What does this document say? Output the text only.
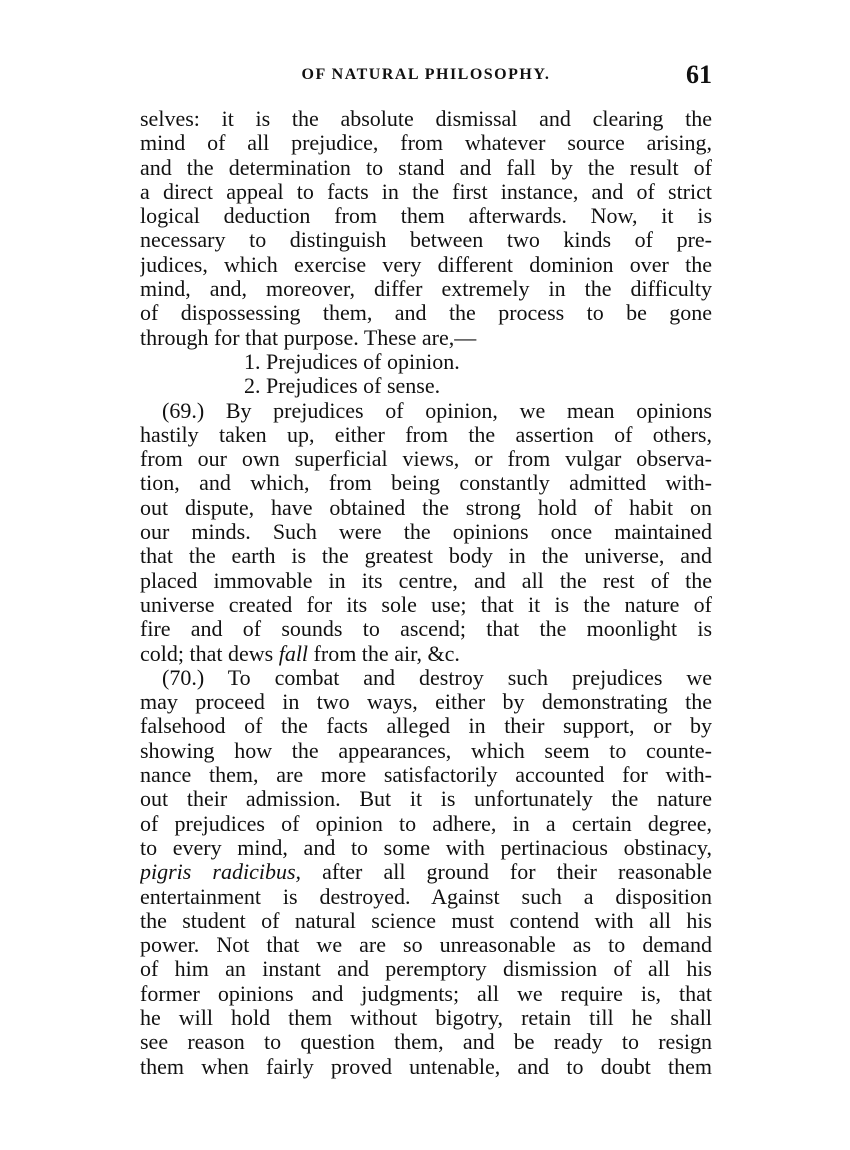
OF NATURAL PHILOSOPHY.	61
selves: it is the absolute dismissal and clearing the
mind of all prejudice, from whatever source arising,
and the determination to stand and fall by the result of
a direct appeal to facts in the first instance, and of strict
logical deduction from them afterwards. Now, it is
necessary to distinguish between two kinds of pre-
judices, which exercise very different dominion over the
mind, and, moreover, differ extremely in the difficulty
of dispossessing them, and the process to be gone
through for that purpose. These are,—
1. Prejudices of opinion.
2. Prejudices of sense.
(69.) By prejudices of opinion, we mean opinions
hastily taken up, either from the assertion of others,
from our own superficial views, or from vulgar observa-
tion, and which, from being constantly admitted with-
out dispute, have obtained the strong hold of habit on
our minds. Such were the opinions once maintained
that the earth is the greatest body in the universe, and
placed immovable in its centre, and all the rest of the
universe created for its sole use; that it is the nature of
fire and of sounds to ascend; that the moonlight is
cold; that dews fall from the air, &c.
(70.) To combat and destroy such prejudices we
may proceed in two ways, either by demonstrating the
falsehood of the facts alleged in their support, or by
showing how the appearances, which seem to counte-
nance them, are more satisfactorily accounted for with-
out their admission. But it is unfortunately the nature
of prejudices of opinion to adhere, in a certain degree,
to every mind, and to some with pertinacious obstinacy,
pigris radicibus, after all ground for their reasonable
entertainment is destroyed. Against such a disposition
the student of natural science must contend with all his
power. Not that we are so unreasonable as to demand
of him an instant and peremptory dismission of all his
former opinions and judgments; all we require is, that
he will hold them without bigotry, retain till he shall
see reason to question them, and be ready to resign
them when fairly proved untenable, and to doubt them
